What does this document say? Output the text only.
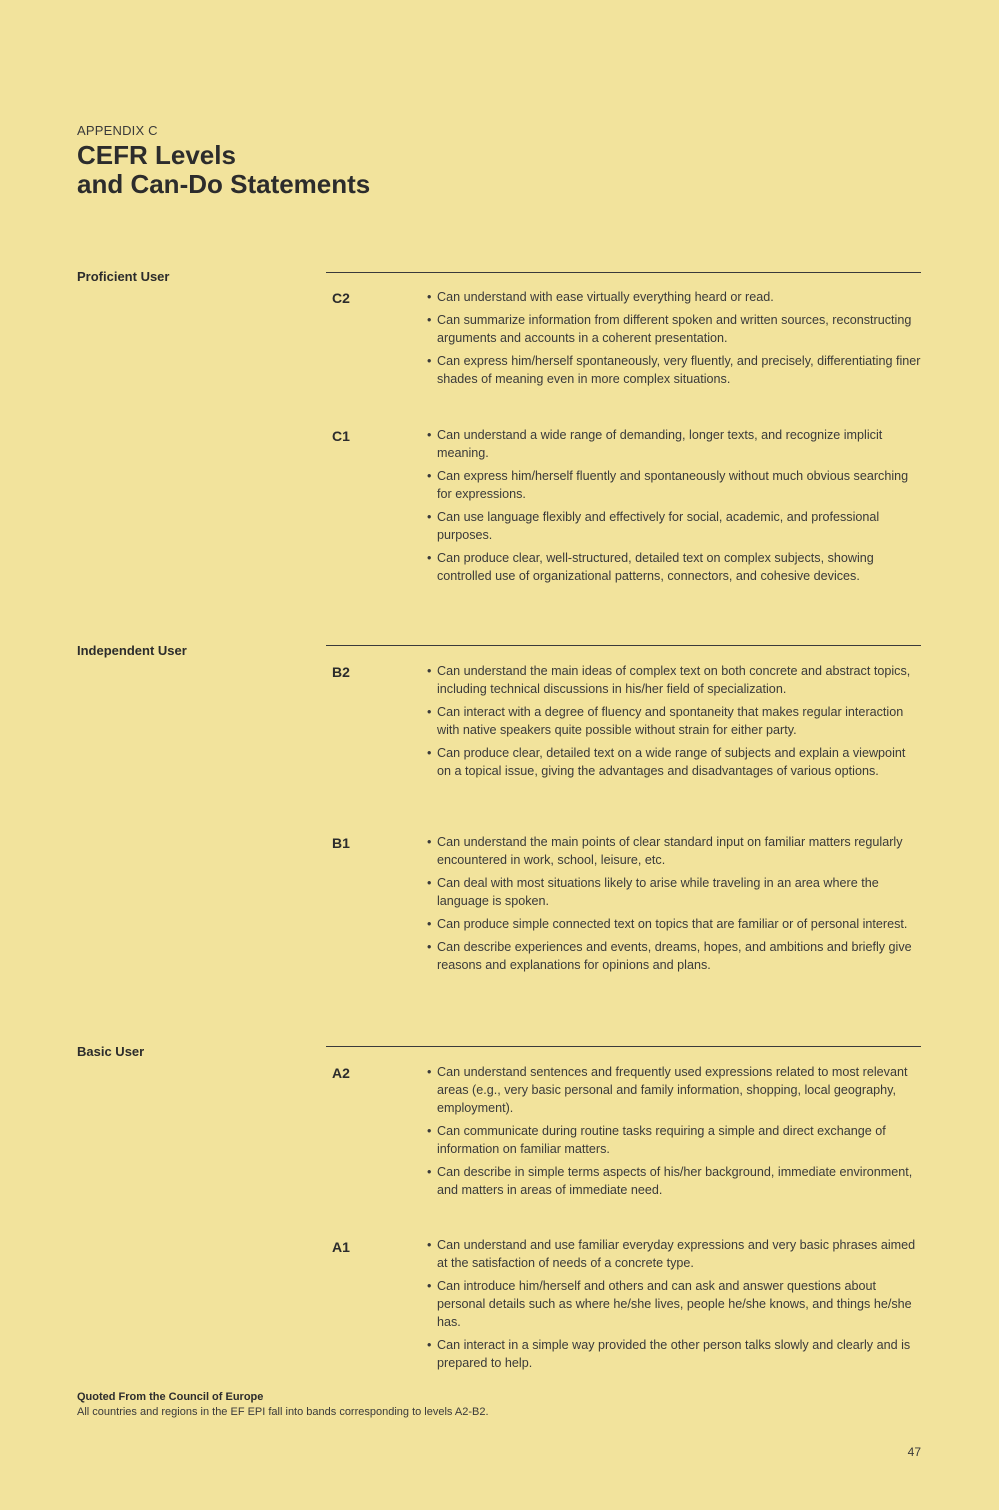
APPENDIX C
CEFR Levels
and Can-Do Statements
Proficient User
C2	• Can understand with ease virtually everything heard or read.
• Can summarize information from different spoken and written sources, reconstructing arguments and accounts in a coherent presentation.
• Can express him/herself spontaneously, very fluently, and precisely, differentiating finer shades of meaning even in more complex situations.
C1	• Can understand a wide range of demanding, longer texts, and recognize implicit meaning.
• Can express him/herself fluently and spontaneously without much obvious searching for expressions.
• Can use language flexibly and effectively for social, academic, and professional purposes.
• Can produce clear, well-structured, detailed text on complex subjects, showing controlled use of organizational patterns, connectors, and cohesive devices.
Independent User
B2	• Can understand the main ideas of complex text on both concrete and abstract topics, including technical discussions in his/her field of specialization.
• Can interact with a degree of fluency and spontaneity that makes regular interaction with native speakers quite possible without strain for either party.
• Can produce clear, detailed text on a wide range of subjects and explain a viewpoint on a topical issue, giving the advantages and disadvantages of various options.
B1	• Can understand the main points of clear standard input on familiar matters regularly encountered in work, school, leisure, etc.
• Can deal with most situations likely to arise while traveling in an area where the language is spoken.
• Can produce simple connected text on topics that are familiar or of personal interest.
• Can describe experiences and events, dreams, hopes, and ambitions and briefly give reasons and explanations for opinions and plans.
Basic User
A2	• Can understand sentences and frequently used expressions related to most relevant areas (e.g., very basic personal and family information, shopping, local geography, employment).
• Can communicate during routine tasks requiring a simple and direct exchange of information on familiar matters.
• Can describe in simple terms aspects of his/her background, immediate environment, and matters in areas of immediate need.
A1	• Can understand and use familiar everyday expressions and very basic phrases aimed at the satisfaction of needs of a concrete type.
• Can introduce him/herself and others and can ask and answer questions about personal details such as where he/she lives, people he/she knows, and things he/she has.
• Can interact in a simple way provided the other person talks slowly and clearly and is prepared to help.
Quoted From the Council of Europe
All countries and regions in the EF EPI fall into bands corresponding to levels A2-B2.
47
